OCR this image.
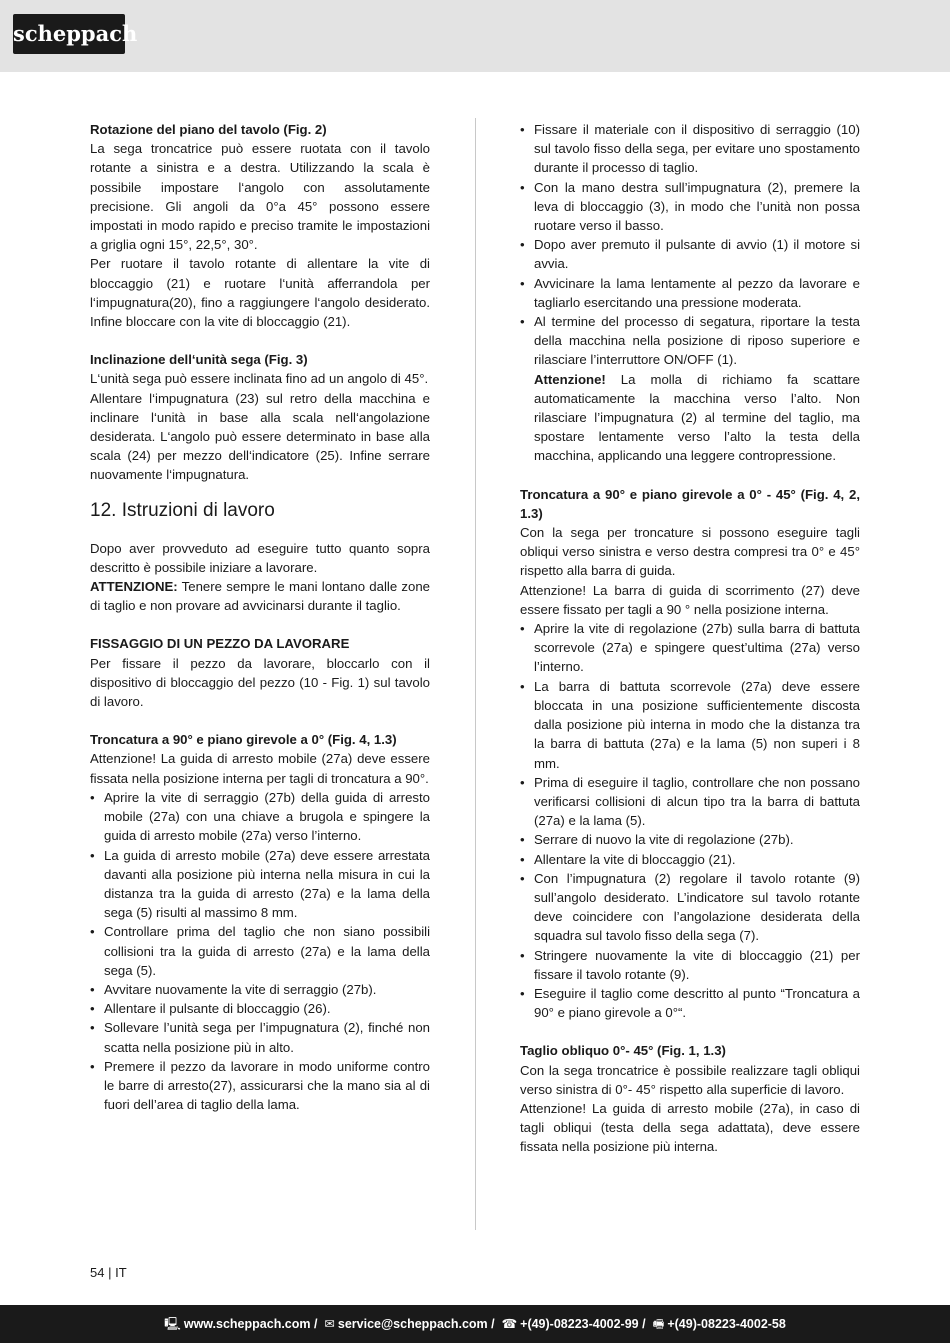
scheppach

Rotazione del piano del tavolo (Fig. 2)

La sega troncatrice può essere ruotata con il tavolo rotante a sinistra e a destra. Utilizzando la scala è possibile impostare l‘angolo con assolutamente precisione. Gli angoli da 0°a 45° possono essere impostati in modo rapido e preciso tramite le impostazioni a griglia ogni 15°, 22,5°, 30°.

Per ruotare il tavolo rotante di allentare la vite di bloccaggio (21) e ruotare l‘unità afferrandola per l‘impugnatura(20), fino a raggiungere l‘angolo desiderato. Infine bloccare con la vite di bloccaggio (21).

Inclinazione dell‘unità sega (Fig. 3)

L‘unità sega può essere inclinata fino ad un angolo di 45°.

Allentare l‘impugnatura (23) sul retro della macchina e inclinare l‘unità in base alla scala nell‘angolazione desiderata. L‘angolo può essere determinato in base alla scala (24) per mezzo dell‘indicatore (25). Infine serrare nuovamente l‘impugnatura.

12. Istruzioni di lavoro

Dopo aver provveduto ad eseguire tutto quanto sopra descritto è possibile iniziare a lavorare.

ATTENZIONE: Tenere sempre le mani lontano dalle zone di taglio e non provare ad avvicinarsi durante il taglio.

FISSAGGIO DI UN PEZZO DA LAVORARE

Per fissare il pezzo da lavorare, bloccarlo con il dispositivo di bloccaggio del pezzo (10 - Fig. 1) sul tavolo di lavoro.

Troncatura a 90° e piano girevole a 0° (Fig. 4, 1.3)

Attenzione! La guida di arresto mobile (27a) deve essere fissata nella posizione interna per tagli di troncatura a 90°.

• Aprire la vite di serraggio (27b) della guida di arresto mobile (27a) con una chiave a brugola e spingere la guida di arresto mobile (27a) verso l’interno.
• La guida di arresto mobile (27a) deve essere arrestata davanti alla posizione più interna nella misura in cui la distanza tra la guida di arresto (27a) e la lama della sega (5) risulti al massimo 8 mm.
• Controllare prima del taglio che non siano possibili collisioni tra la guida di arresto (27a) e la lama della sega (5).
• Avvitare nuovamente la vite di serraggio (27b).
• Allentare il pulsante di bloccaggio (26).
• Sollevare l’unità sega per l’impugnatura (2), finché non scatta nella posizione più in alto.
• Premere il pezzo da lavorare in modo uniforme contro le barre di arresto(27), assicurarsi che la mano sia al di fuori dell’area di taglio della lama.
• Fissare il materiale con il dispositivo di serraggio (10) sul tavolo fisso della sega, per evitare uno spostamento durante il processo di taglio.
• Con la mano destra sull’impugnatura (2), premere la leva di bloccaggio (3), in modo che l’unità non possa ruotare verso il basso.
• Dopo aver premuto il pulsante di avvio (1) il motore si avvia.
• Avvicinare la lama lentamente al pezzo da lavorare e tagliarlo esercitando una pressione moderata.
• Al termine del processo di segatura, riportare la testa della macchina nella posizione di riposo superiore e rilasciare l’interruttore ON/OFF (1).
Attenzione! La molla di richiamo fa scattare automaticamente la macchina verso l’alto. Non rilasciare l’impugnatura (2) al termine del taglio, ma spostare lentamente verso l’alto la testa della macchina, applicando una leggere contropressione.

Troncatura a 90° e piano girevole a 0° - 45° (Fig. 4, 2, 1.3)

Con la sega per troncature si possono eseguire tagli obliqui verso sinistra e verso destra compresi tra 0° e 45° rispetto alla barra di guida.

Attenzione! La barra di guida di scorrimento (27) deve essere fissato per tagli a 90 ° nella posizione interna.

• Aprire la vite di regolazione (27b) sulla barra di battuta scorrevole (27a) e spingere quest’ultima (27a) verso l’interno.
• La barra di battuta scorrevole (27a) deve essere bloccata in una posizione sufficientemente discosta dalla posizione più interna in modo che la distanza tra la barra di battuta (27a) e la lama (5) non superi i 8 mm.
• Prima di eseguire il taglio, controllare che non possano verificarsi collisioni di alcun tipo tra la barra di battuta (27a) e la lama (5).
• Serrare di nuovo la vite di regolazione (27b).
• Allentare la vite di bloccaggio (21).
• Con l’impugnatura (2) regolare il tavolo rotante (9) sull’angolo desiderato. L’indicatore sul tavolo rotante deve coincidere con l’angolazione desiderata della squadra sul tavolo fisso della sega (7).
• Stringere nuovamente la vite di bloccaggio (21) per fissare il tavolo rotante (9).
• Eseguire il taglio come descritto al punto “Troncatura a 90° e piano girevole a 0°“.

Taglio obliquo 0°- 45° (Fig. 1, 1.3)

Con la sega troncatrice è possibile realizzare tagli obliqui verso sinistra di 0°- 45° rispetto alla superficie di lavoro.

Attenzione! La guida di arresto mobile (27a), in caso di tagli obliqui (testa della sega adattata), deve essere fissata nella posizione più interna.

54 | IT
🖳 www.scheppach.com / ✉ service@scheppach.com / ☎ +(49)-08223-4002-99 / 🖷 +(49)-08223-4002-58
